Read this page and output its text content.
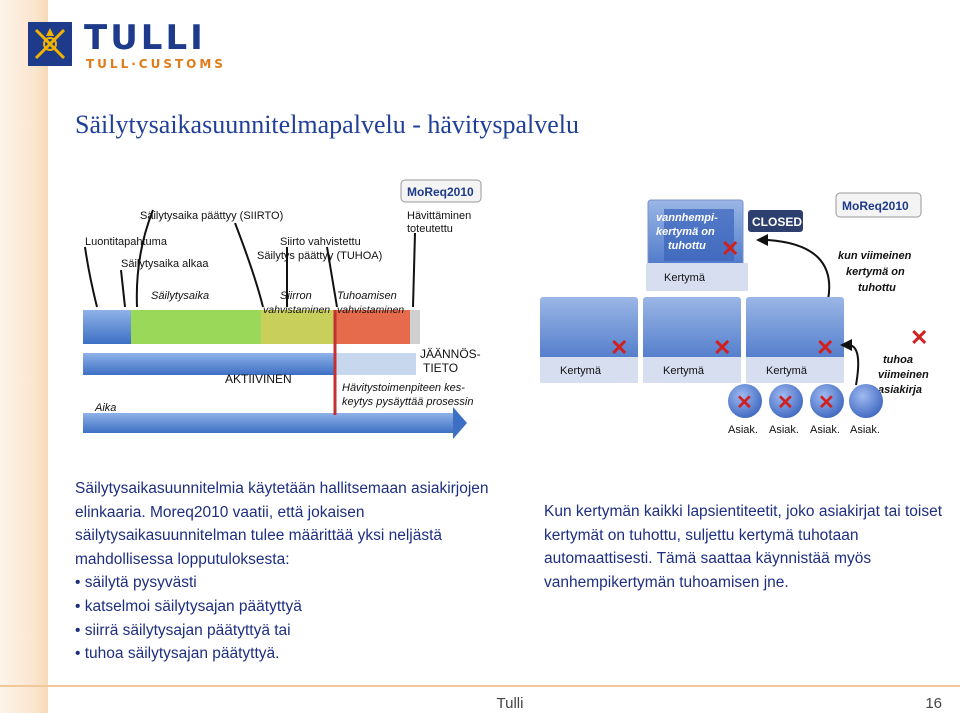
TULLI
TULL·CUSTOMS
Säilytysaikasuunnitelmapalvelu - hävityspalvelu
Luontitapahtuma
Säilytysaika päättyy (SIIRTO)
Säilytysaika alkaa
Säilytysaika
Siirto vahvistettu
Säilytys päättyy (TUHOA)
Hävittäminen
toteutettu
Siirron
vahvistaminen
Tuhoamisen
vahvistaminen
AKTIIVINEN
JÄÄNNÖS-
TIETO
Hävitystoimenpiteen kes-
keytys pysäyttää prosessin
Aika
MoReq2010
vannhempi-
kertymä on
tuhottu
Kertymä
✕
CLOSED
MoReq2010
kun viimeinen
kertymä on
tuhottu
Kertymä
✕
Kertymä
✕
Kertymä
✕	✕
tuhoa
viimeinen
asiakirja
✕ ✕ ✕
Asiak. Asiak. Asiak. Asiak.
Säilytysaikasuunnitelmia käytetään hallitsemaan asiakirjojen elinkaaria. Moreq2010 vaatii, että jokaisen säilytysaikasuunnitelman tulee määrittää yksi neljästä mahdollisessa lopputuloksesta:
• säilytä pysyvästi
• katselmoi säilytysajan päätyttyä
• siirrä säilytysajan päätyttyä tai
• tuhoa säilytysajan päätyttyä.
Kun kertymän kaikki lapsientiteetit, joko asiakirjat tai toiset kertymät on tuhottu, suljettu kertymä tuhotaan automaattisesti. Tämä saattaa käynnistää myös vanhempikertymän tuhoamisen jne.
Tulli	16
